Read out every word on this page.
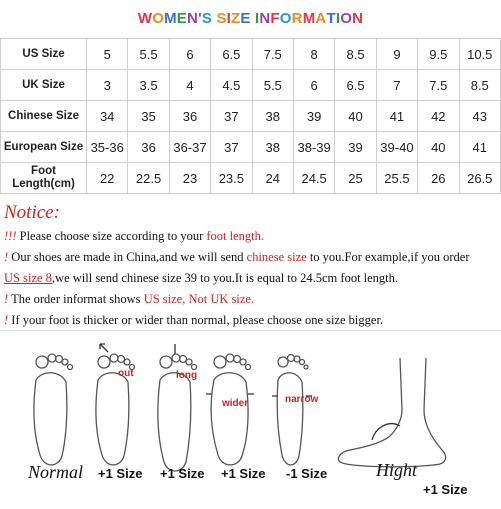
WOMEN'S SIZE INFORMATION
US Size	5	5.5	6	6.5	7.5	8	8.5	9	9.5	10.5
UK Size	3	3.5	4	4.5	5.5	6	6.5	7	7.5	8.5
Chinese Size	34	35	36	37	38	39	40	41	42	43
European Size	35-36	36	36-37	37	38	38-39	39	39-40	40	41
Foot Length(cm)	22	22.5	23	23.5	24	24.5	25	25.5	26	26.5
Notice:
!!! Please choose size according to your foot length.
! Our shoes are made in China,and we will send chinese size to you.For example,if you order
US size 8,we will send chinese size 39 to you.It is equal to 24.5cm foot length.
! The order informat shows US size, Not UK size.
! If your foot is thicker or wider than normal, please choose one size bigger.
out	long
wider	narrow
Normal +1 Size +1 Size +1 Size -1 Size	Hight
+1 Size
